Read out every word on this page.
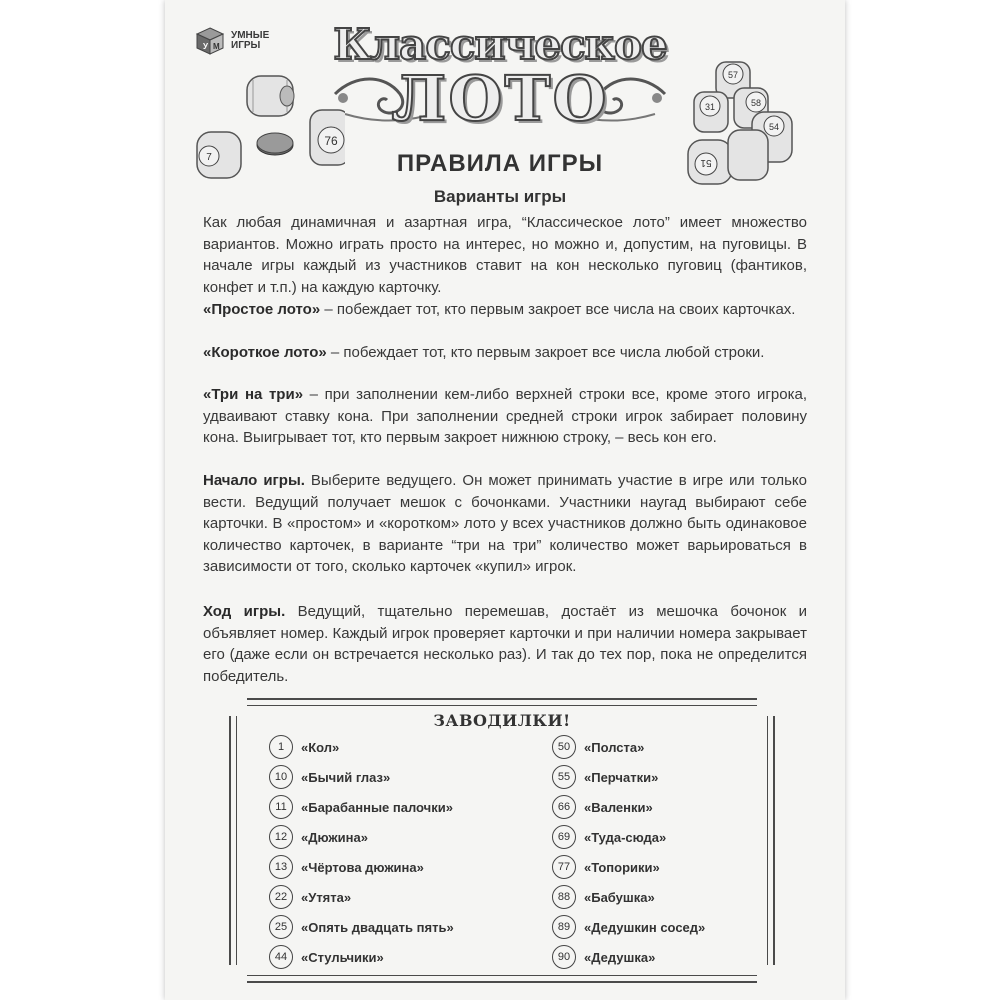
У М
УМНЫЕ ИГРЫ	Классическое
ЛОТО
76
7
57
31	58
54
51
ПРАВИЛА ИГРЫ
Варианты игры

Как любая динамичная и азартная игра, “Классическое лото” имеет множество вариантов. Можно играть просто на интерес, но можно и, допустим, на пуговицы. В начале игры каждый из участников ставит на кон несколько пуговиц (фантиков, конфет и т.п.) на каждую карточку.

«Простое лото» – побеждает тот, кто первым закроет все числа на своих карточках.

«Короткое лото» – побеждает тот, кто первым закроет все числа любой строки.

«Три на три» – при заполнении кем-либо верхней строки все, кроме этого игрока, удваивают ставку кона. При заполнении средней строки игрок забирает половину кона. Выигрывает тот, кто первым закроет нижнюю строку, – весь кон его.

Начало игры. Выберите ведущего. Он может принимать участие в игре или только вести. Ведущий получает мешок с бочонками. Участники наугад выбирают себе карточки. В «простом» и «коротком» лото у всех участников должно быть одинаковое количество карточек, в варианте “три на три” количество может варьироваться в зависимости от того, сколько карточек «купил» игрок.

Ход игры. Ведущий, тщательно перемешав, достаёт из мешочка бочонок и объявляет номер. Каждый игрок проверяет карточки и при наличии номера закрывает его (даже если он встречается несколько раз). И так до тех пор, пока не определится победитель.

ЗАВОДИЛКИ!
1	«Кол»
10	«Бычий глаз»
11	«Барабанные палочки»
12	«Дюжина»
13	«Чёртова дюжина»
22	«Утята»
25	«Опять двадцать пять»
44	«Стульчики»
50	«Полста»
55	«Перчатки»
66	«Валенки»
69	«Туда-сюда»
77	«Топорики»
88	«Бабушка»
89	«Дедушкин сосед»
90	«Дедушка»
